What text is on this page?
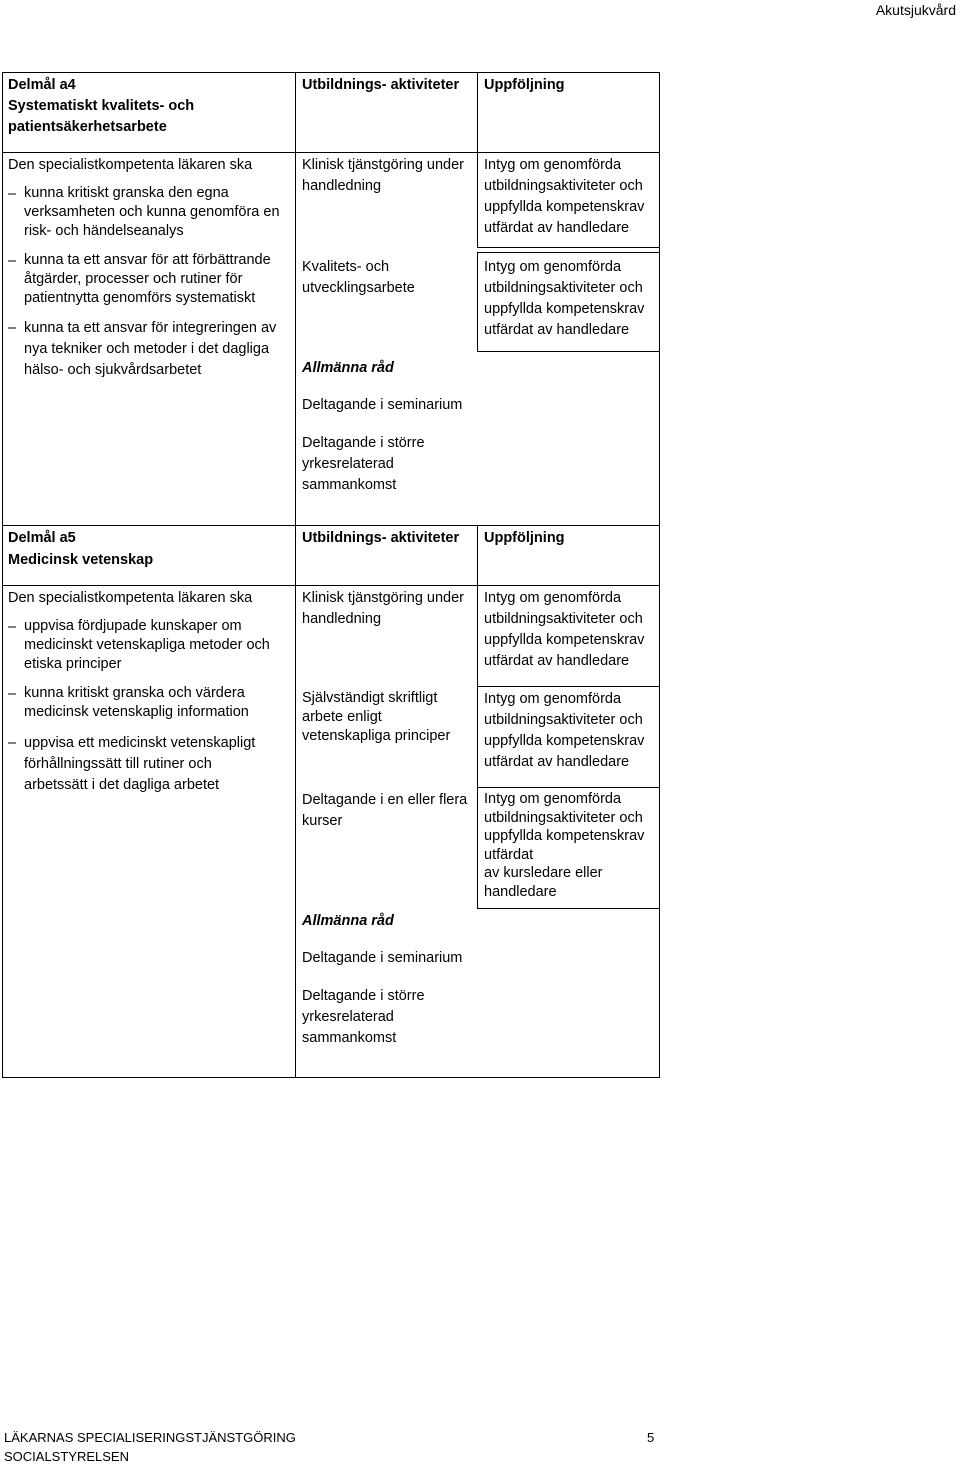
Akutsjukvård
Delmål a4
Systematiskt kvalitets- och
patientsäkerhetsarbete
Utbildnings- aktiviteter Uppföljning
Den specialistkompetenta läkaren ska
– kunna kritiskt granska den egna
verksamheten och kunna genomföra en
risk- och händelseanalys
– kunna ta ett ansvar för att förbättrande
åtgärder, processer och rutiner för
patientnytta genomförs systematiskt
– kunna ta ett ansvar för integreringen av
nya tekniker och metoder i det dagliga
hälso- och sjukvårdsarbetet
Klinisk tjänstgöring under
handledning
Kvalitets- och
utvecklingsarbete
Allmänna råd
Deltagande i seminarium
Deltagande i större
yrkesrelaterad
sammankomst
Intyg om genomförda
utbildningsaktiviteter och
uppfyllda kompetenskrav
utfärdat av handledare
Intyg om genomförda
utbildningsaktiviteter och
uppfyllda kompetenskrav
utfärdat av handledare
Delmål a5
Medicinsk vetenskap
Utbildnings- aktiviteter Uppföljning
Den specialistkompetenta läkaren ska
– uppvisa fördjupade kunskaper om
medicinskt vetenskapliga metoder och
etiska principer
– kunna kritiskt granska och värdera
medicinsk vetenskaplig information
– uppvisa ett medicinskt vetenskapligt
förhållningssätt till rutiner och
arbetssätt i det dagliga arbetet
Klinisk tjänstgöring under
handledning
Självständigt skriftligt
arbete enligt
vetenskapliga principer
Deltagande i en eller flera
kurser
Allmänna råd
Deltagande i seminarium
Deltagande i större
yrkesrelaterad
sammankomst
Intyg om genomförda
utbildningsaktiviteter och
uppfyllda kompetenskrav
utfärdat av handledare
Intyg om genomförda
utbildningsaktiviteter och
uppfyllda kompetenskrav
utfärdat av handledare
Intyg om genomförda
utbildningsaktiviteter och
uppfyllda kompetenskrav
utfärdat
av kursledare eller
handledare
LÄKARNAS SPECIALISERINGSTJÄNSTGÖRING	5
SOCIALSTYRELSEN
